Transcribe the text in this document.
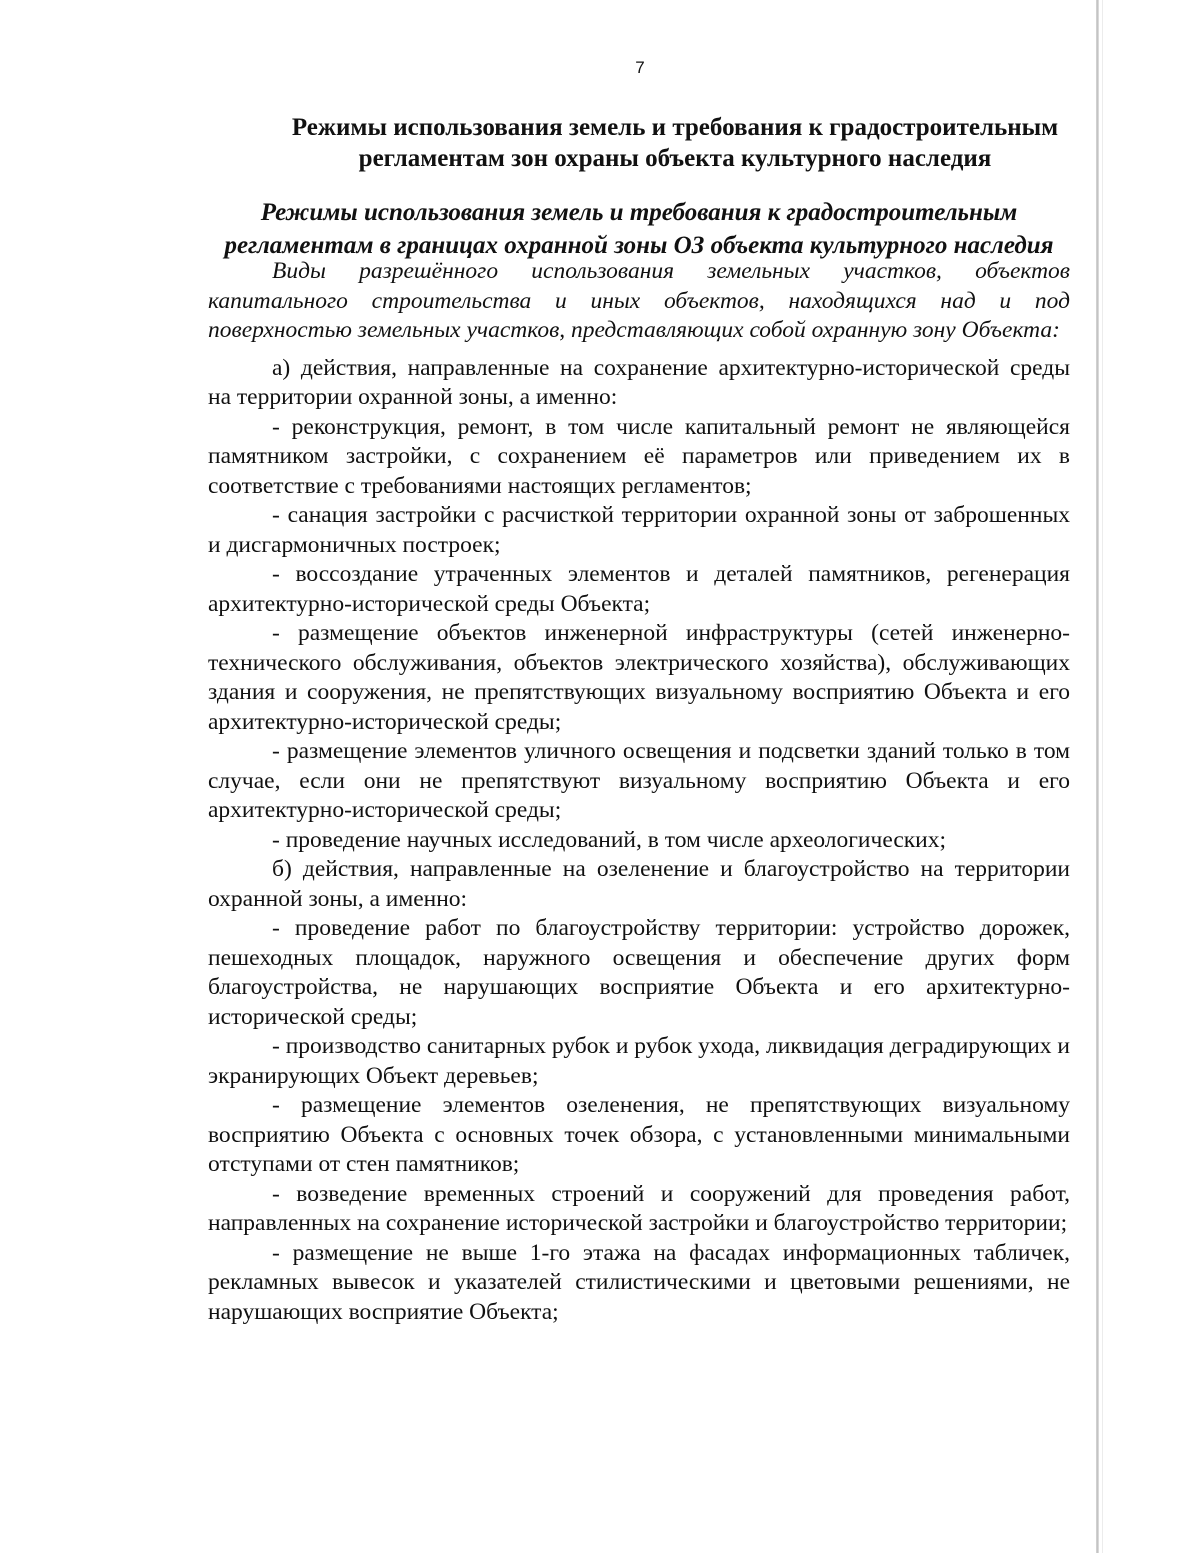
7
Режимы использования земель и требования к градостроительным
регламентам зон охраны объекта культурного наследия
Режимы использования земель и требования к градостроительным
регламентам в границах охранной зоны ОЗ объекта культурного наследия

Виды разрешённого использования земельных участков, объектов капитального строительства и иных объектов, находящихся над и под поверхностью земельных участков, представляющих собой охранную зону Объекта:

а) действия, направленные на сохранение архитектурно-исторической среды на территории охранной зоны, а именно:

- реконструкция, ремонт, в том числе капитальный ремонт не являющейся памятником застройки, с сохранением её параметров или приведением их в соответствие с требованиями настоящих регламентов;

- санация застройки с расчисткой территории охранной зоны от заброшенных и дисгармоничных построек;

- воссоздание утраченных элементов и деталей памятников, регенерация архитектурно-исторической среды Объекта;

- размещение объектов инженерной инфраструктуры (сетей инженерно-технического обслуживания, объектов электрического хозяйства), обслуживающих здания и сооружения, не препятствующих визуальному восприятию Объекта и его архитектурно-исторической среды;

- размещение элементов уличного освещения и подсветки зданий только в том случае, если они не препятствуют визуальному восприятию Объекта и его архитектурно-исторической среды;

- проведение научных исследований, в том числе археологических;

б) действия, направленные на озеленение и благоустройство на территории охранной зоны, а именно:

- проведение работ по благоустройству территории: устройство дорожек, пешеходных площадок, наружного освещения и обеспечение других форм благоустройства, не нарушающих восприятие Объекта и его архитектурно-исторической среды;

- производство санитарных рубок и рубок ухода, ликвидация деградирующих и экранирующих Объект деревьев;

- размещение элементов озеленения, не препятствующих визуальному восприятию Объекта с основных точек обзора, с установленными минимальными отступами от стен памятников;

- возведение временных строений и сооружений для проведения работ, направленных на сохранение исторической застройки и благоустройство территории;

- размещение не выше 1-го этажа на фасадах информационных табличек, рекламных вывесок и указателей стилистическими и цветовыми решениями, не нарушающих восприятие Объекта;
